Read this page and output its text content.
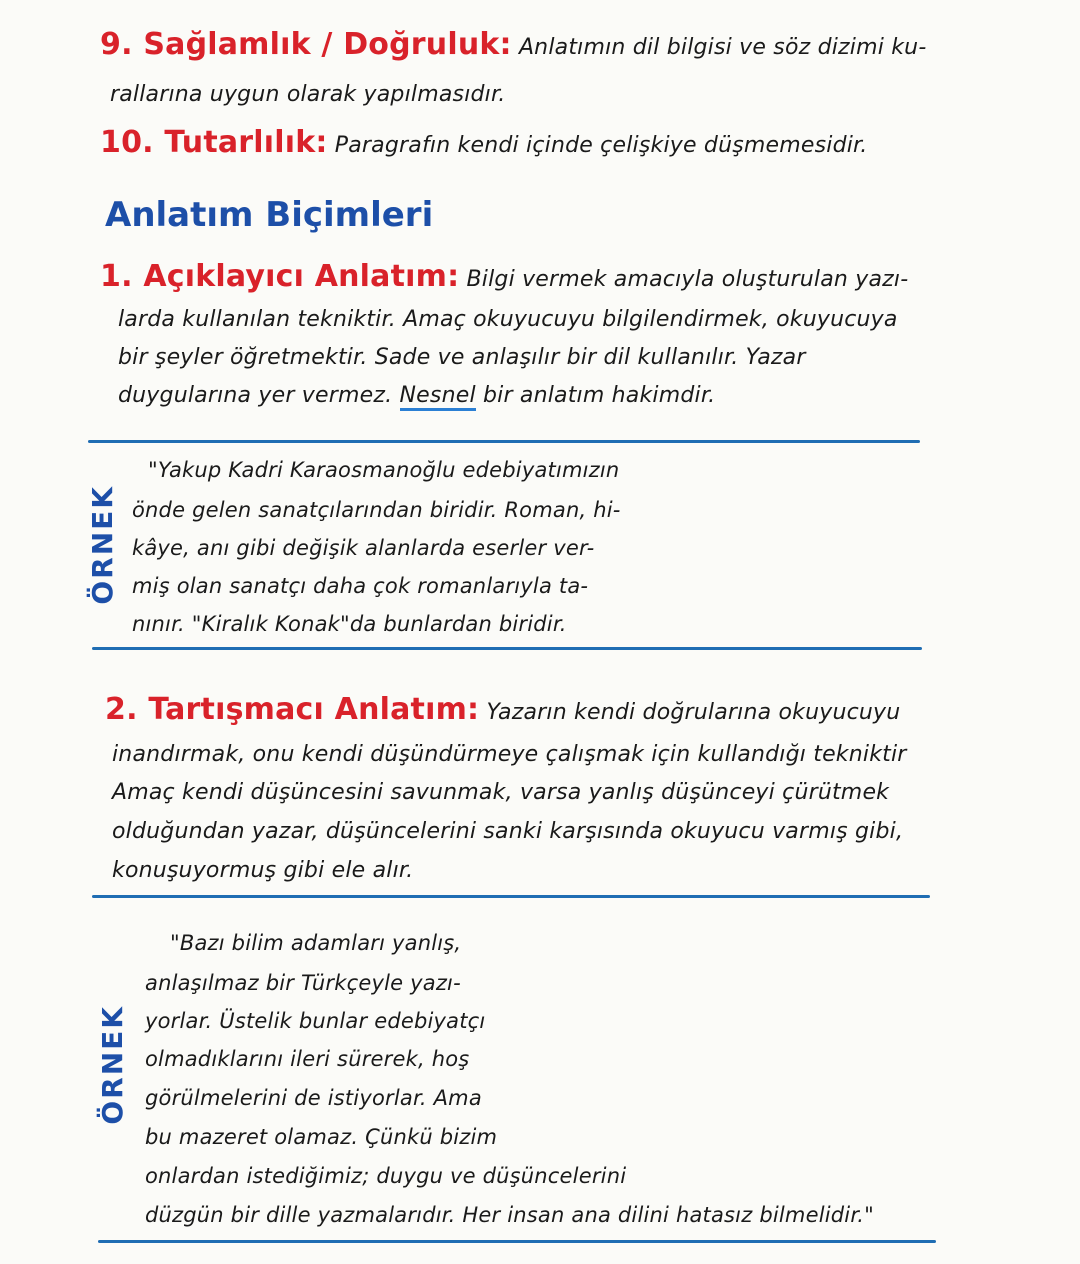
9. Sağlamlık / Doğruluk: Anlatımın dil bilgisi ve söz dizimi ku-
rallarına uygun olarak yapılmasıdır.
10. Tutarlılık: Paragrafın kendi içinde çelişkiye düşmemesidir.
Anlatım Biçimleri
1. Açıklayıcı Anlatım: Bilgi vermek amacıyla oluşturulan yazı-
larda kullanılan tekniktir. Amaç okuyucuyu bilgilendirmek, okuyucuya
bir şeyler öğretmektir. Sade ve anlaşılır bir dil kullanılır. Yazar
duygularına yer vermez. Nesnel bir anlatım hakimdir.
ÖRNEK
"Yakup Kadri Karaosmanoğlu edebiyatımızın
önde gelen sanatçılarından biridir. Roman, hi-
kâye, anı gibi değişik alanlarda eserler ver-
miş olan sanatçı daha çok romanlarıyla ta-
nınır. "Kiralık Konak"da bunlardan biridir.
2. Tartışmacı Anlatım: Yazarın kendi doğrularına okuyucuyu
inandırmak, onu kendi düşündürmeye çalışmak için kullandığı tekniktir
Amaç kendi düşüncesini savunmak, varsa yanlış düşünceyi çürütmek
olduğundan yazar, düşüncelerini sanki karşısında okuyucu varmış gibi,
konuşuyormuş gibi ele alır.
ÖRNEK
"Bazı bilim adamları yanlış,
anlaşılmaz bir Türkçeyle yazı-
yorlar. Üstelik bunlar edebiyatçı
olmadıklarını ileri sürerek, hoş
görülmelerini de istiyorlar. Ama
bu mazeret olamaz. Çünkü bizim
onlardan istediğimiz; duygu ve düşüncelerini
düzgün bir dille yazmalarıdır. Her insan ana dilini hatasız bilmelidir."
